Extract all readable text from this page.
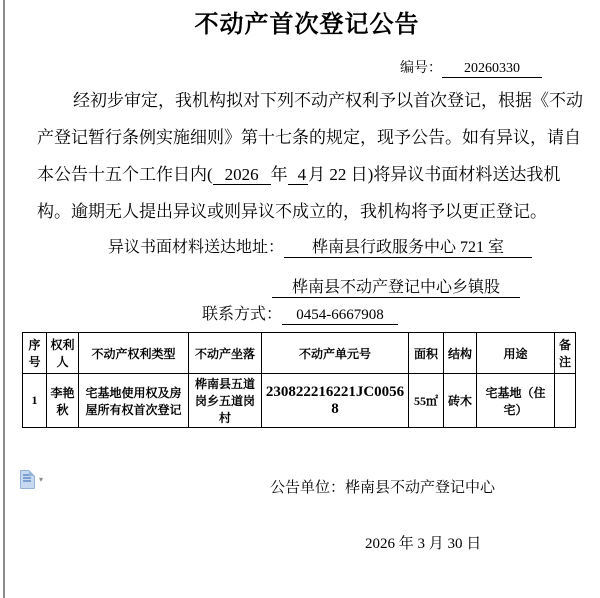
不动产首次登记公告
编号： 20260330
经初步审定，我机构拟对下列不动产权利予以首次登记，根据《不动
产登记暂行条例实施细则》第十七条的规定，现予公告。如有异议，请自
本公告十五个工作日内( 2026 年 4 月 22 日)将异议书面材料送达我机
构。逾期无人提出异议或则异议不成立的，我机构将予以更正登记。
异议书面材料送达地址： 桦南县行政服务中心 721 室
桦南县不动产登记中心乡镇股
联系方式： 0454-6667908
序号	权利人	不动产权利类型	不动产坐落	不动产单元号	面积	结构	用途	备注
1	李艳秋	宅基地使用权及房屋所有权首次登记	桦南县五道岗乡五道岗村	230822216221JC00568	55㎡	砖木	宅基地（住宅）	
▾
公告单位：桦南县不动产登记中心
2026 年 3 月 30 日
